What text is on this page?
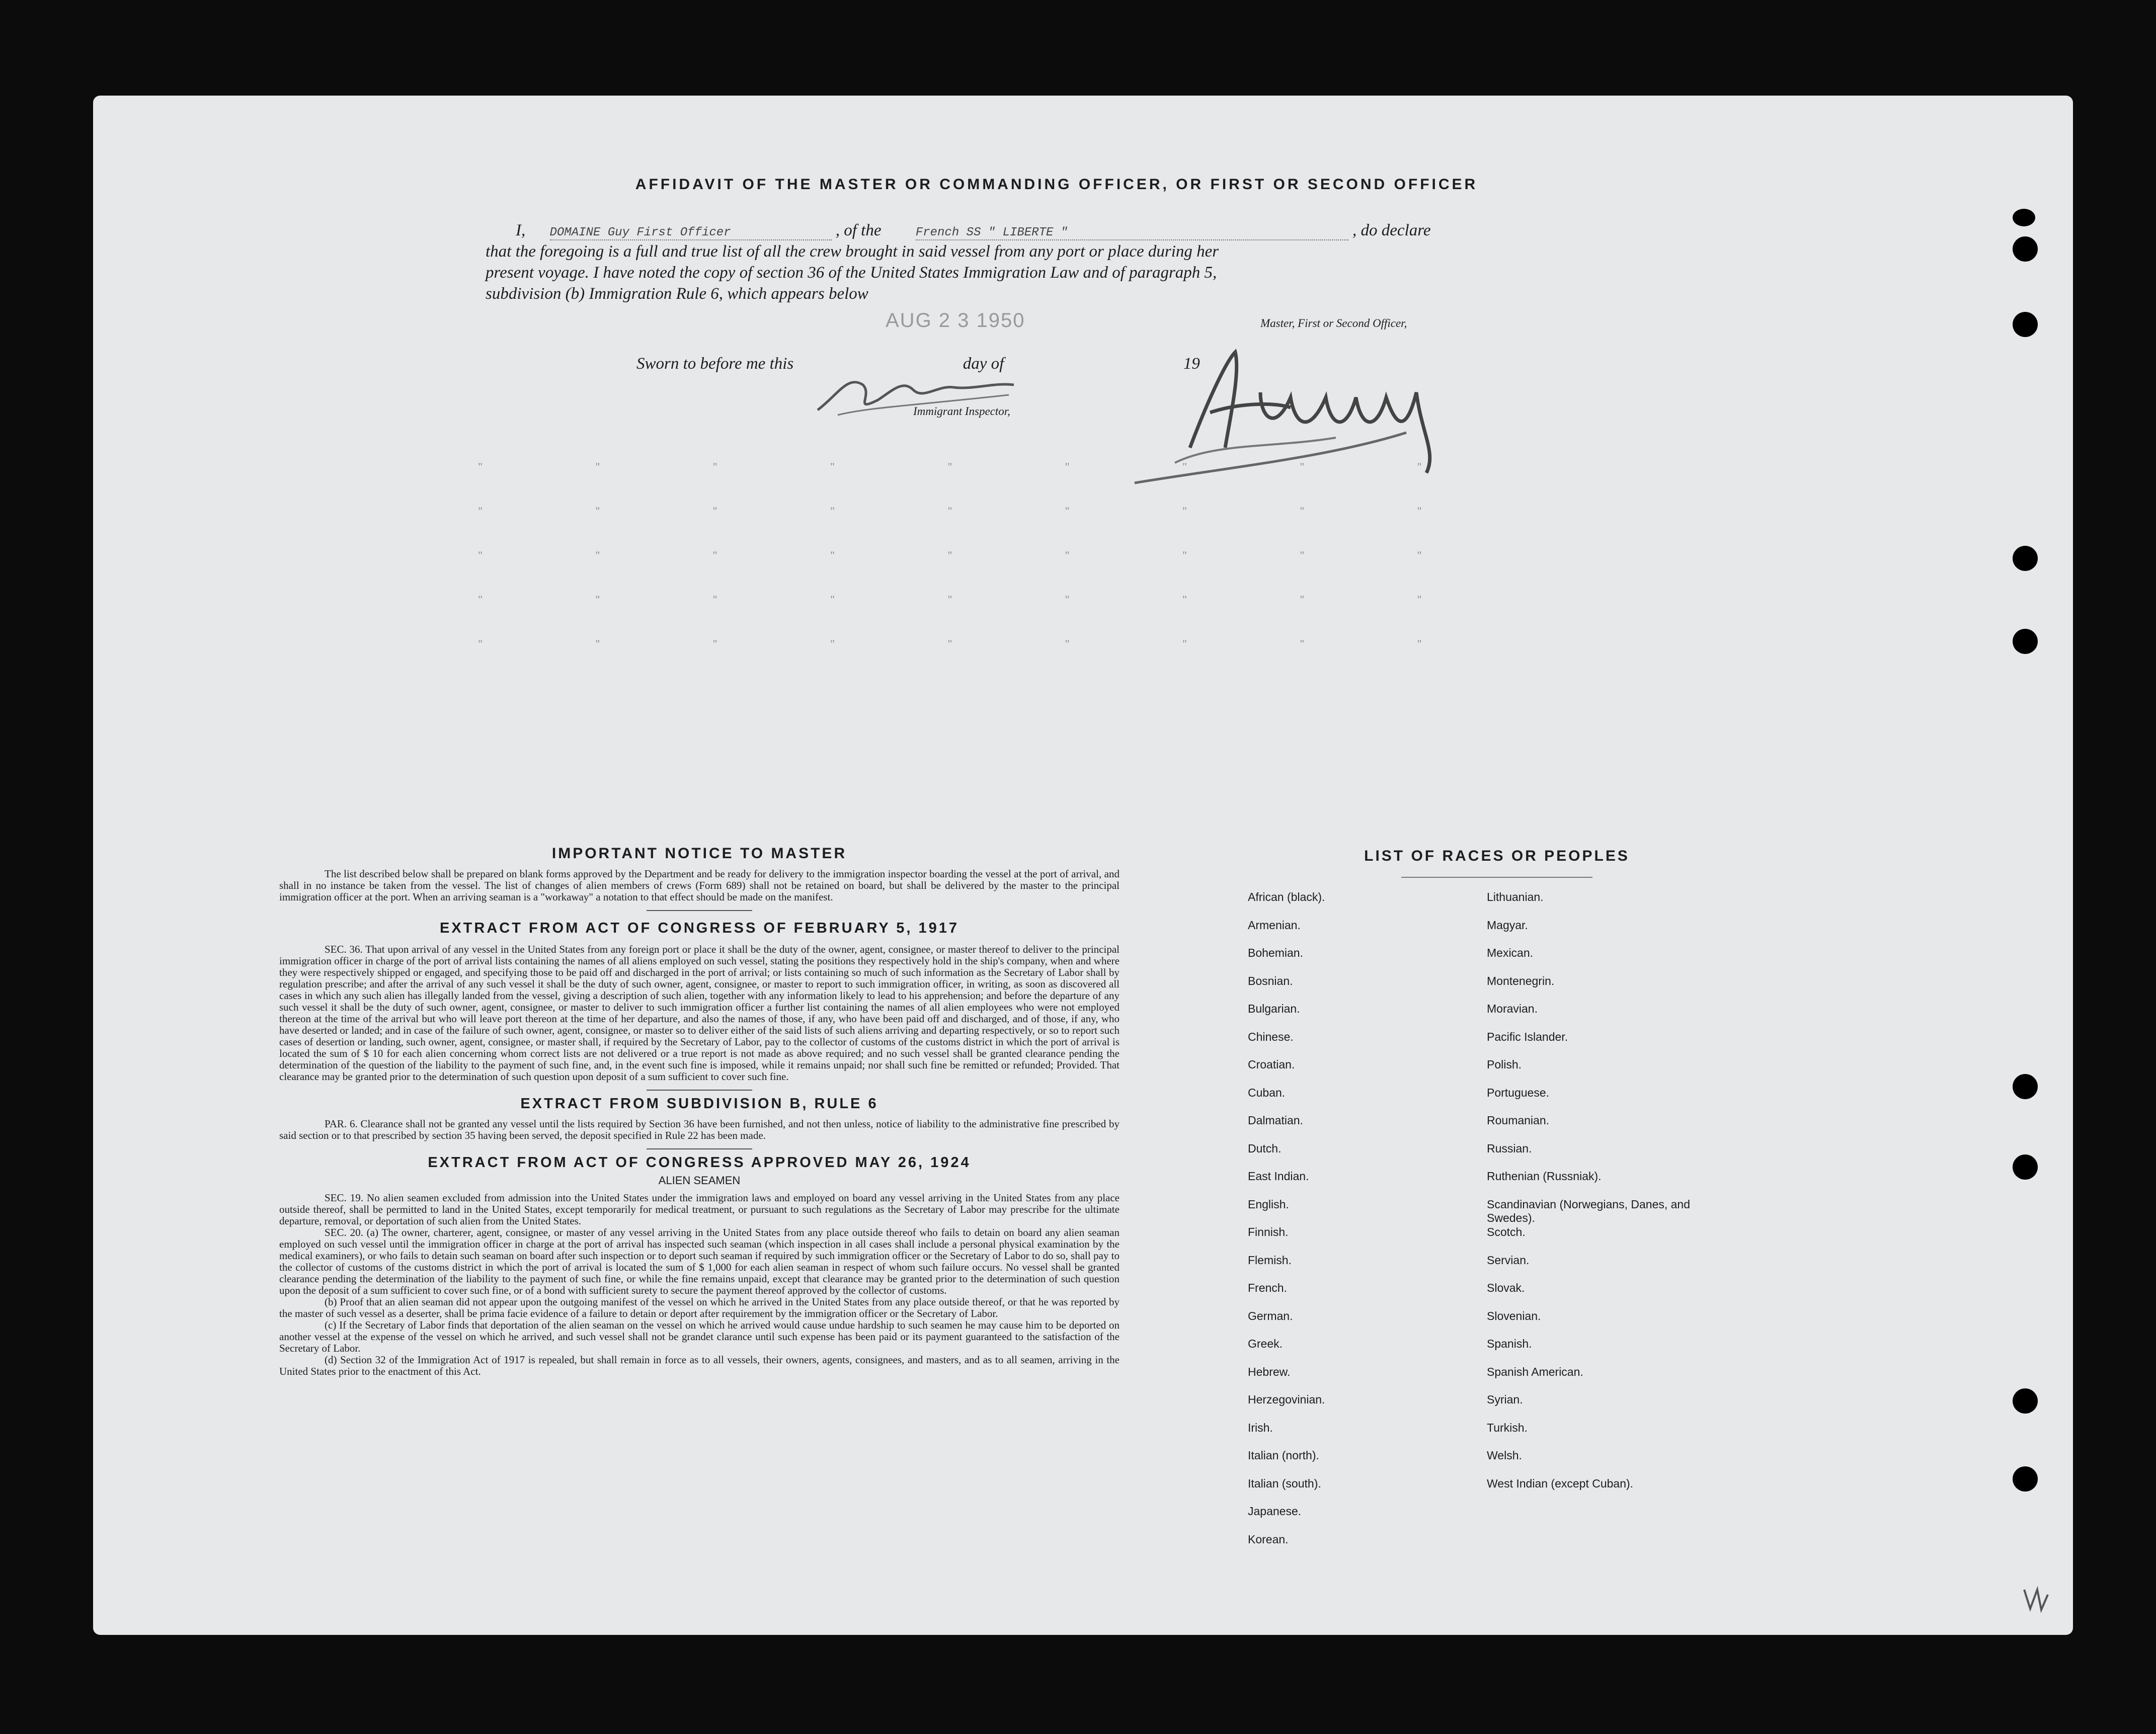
AFFIDAVIT OF THE MASTER OR COMMANDING OFFICER, OR FIRST OR SECOND OFFICER
I, DOMAINE Guy First Officer	, of the	French SS " LIBERTE "	, do declare
that the foregoing is a full and true list of all the crew brought in said vessel from any port or place during her
present voyage. I have noted the copy of section 36 of the United States Immigration Law and of paragraph 5,
subdivision (b) Immigration Rule 6, which appears below
AUG 2 3 1950	Master, First or Second Officer,
Sworn to before me this	day of	19
Immigrant Inspector,
"	"	"	"	"	"	"	"	"
"	"	"	"	"	"	"	"	"
"	"	"	"	"	"	"	"	"
"	"	"	"	"	"	"	"	"
"	"	"	"	"	"	"	"	"
IMPORTANT NOTICE TO MASTER
The list described below shall be prepared on blank forms approved by the Department and be ready for delivery to the immigration inspector boarding the vessel at the port of arrival, and shall in no instance be taken from the vessel. The list of changes of alien members of crews (Form 689) shall not be retained on board, but shall be delivered by the master to the principal immigration officer at the port. When an arriving seaman is a "workaway" a notation to that effect should be made on the manifest.
EXTRACT FROM ACT OF CONGRESS OF FEBRUARY 5, 1917
SEC. 36. That upon arrival of any vessel in the United States from any foreign port or place it shall be the duty of the owner, agent, consignee, or master thereof to deliver to the principal immigration officer in charge of the port of arrival lists containing the names of all aliens employed on such vessel, stating the positions they respectively hold in the ship's company, when and where they were respectively shipped or engaged, and specifying those to be paid off and discharged in the port of arrival; or lists containing so much of such information as the Secretary of Labor shall by regulation prescribe; and after the arrival of any such vessel it shall be the duty of such owner, agent, consignee, or master to report to such immigration officer, in writing, as soon as discovered all cases in which any such alien has illegally landed from the vessel, giving a description of such alien, together with any information likely to lead to his apprehension; and before the departure of any such vessel it shall be the duty of such owner, agent, consignee, or master to deliver to such immigration officer a further list containing the names of all alien employees who were not employed thereon at the time of the arrival but who will leave port thereon at the time of her departure, and also the names of those, if any, who have been paid off and discharged, and of those, if any, who have deserted or landed; and in case of the failure of such owner, agent, consignee, or master so to deliver either of the said lists of such aliens arriving and departing respectively, or so to report such cases of desertion or landing, such owner, agent, consignee, or master shall, if required by the Secretary of Labor, pay to the collector of customs of the customs district in which the port of arrival is located the sum of $ 10 for each alien concerning whom correct lists are not delivered or a true report is not made as above required; and no such vessel shall be granted clearance pending the determination of the question of the liability to the payment of such fine, and, in the event such fine is imposed, while it remains unpaid; nor shall such fine be remitted or refunded; Provided. That clearance may be granted prior to the determination of such question upon deposit of a sum sufficient to cover such fine.
EXTRACT FROM SUBDIVISION B, RULE 6
PAR. 6. Clearance shall not be granted any vessel until the lists required by Section 36 have been furnished, and not then unless, notice of liability to the administrative fine prescribed by said section or to that prescribed by section 35 having been served, the deposit specified in Rule 22 has been made.
EXTRACT FROM ACT OF CONGRESS APPROVED MAY 26, 1924
ALIEN SEAMEN
SEC. 19. No alien seamen excluded from admission into the United States under the immigration laws and employed on board any vessel arriving in the United States from any place outside thereof, shall be permitted to land in the United States, except temporarily for medical treatment, or pursuant to such regulations as the Secretary of Labor may prescribe for the ultimate departure, removal, or deportation of such alien from the United States.
SEC. 20. (a) The owner, charterer, agent, consignee, or master of any vessel arriving in the United States from any place outside thereof who fails to detain on board any alien seaman employed on such vessel until the immigration officer in charge at the port of arrival has inspected such seaman (which inspection in all cases shall include a personal physical examination by the medical examiners), or who fails to detain such seaman on board after such inspection or to deport such seaman if required by such immigration officer or the Secretary of Labor to do so, shall pay to the collector of customs of the customs district in which the port of arrival is located the sum of $ 1,000 for each alien seaman in respect of whom such failure occurs. No vessel shall be granted clearance pending the determination of the liability to the payment of such fine, or while the fine remains unpaid, except that clearance may be granted prior to the determination of such question upon the deposit of a sum sufficient to cover such fine, or of a bond with sufficient surety to secure the payment thereof approved by the collector of customs.
(b) Proof that an alien seaman did not appear upon the outgoing manifest of the vessel on which he arrived in the United States from any place outside thereof, or that he was reported by the master of such vessel as a deserter, shall be prima facie evidence of a failure to detain or deport after requirement by the immigration officer or the Secretary of Labor.
(c) If the Secretary of Labor finds that deportation of the alien seaman on the vessel on which he arrived would cause undue hardship to such seamen he may cause him to be deported on another vessel at the expense of the vessel on which he arrived, and such vessel shall not be grandet clarance until such expense has been paid or its payment guaranteed to the satisfaction of the Secretary of Labor.
(d) Section 32 of the Immigration Act of 1917 is repealed, but shall remain in force as to all vessels, their owners, agents, consignees, and masters, and as to all seamen, arriving in the United States prior to the enactment of this Act.
LIST OF RACES OR PEOPLES
African (black).
Armenian.
Bohemian.
Bosnian.
Bulgarian.
Chinese.
Croatian.
Cuban.
Dalmatian.
Dutch.
East Indian.
English.
Finnish.
Flemish.
French.
German.
Greek.
Hebrew.
Herzegovinian.
Irish.
Italian (north).
Italian (south).
Japanese.
Korean.
Lithuanian.
Magyar.
Mexican.
Montenegrin.
Moravian.
Pacific Islander.
Polish.
Portuguese.
Roumanian.
Russian.
Ruthenian (Russniak).
Scandinavian (Norwegians, Danes, and Swedes).
Scotch.
Servian.
Slovak.
Slovenian.
Spanish.
Spanish American.
Syrian.
Turkish.
Welsh.
West Indian (except Cuban).
